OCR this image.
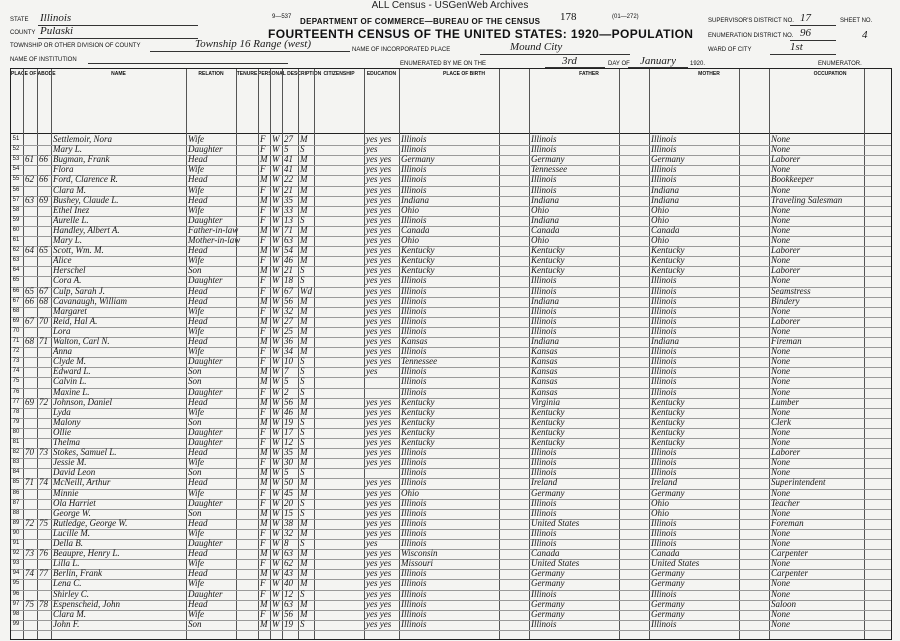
ALL Census - USGenWeb Archives
9—537	178	(01—272)
DEPARTMENT OF COMMERCE—BUREAU OF THE CENSUS
FOURTEENTH CENSUS OF THE UNITED STATES: 1920—POPULATION
STATE Illinois
COUNTY Pulaski
TOWNSHIP OR OTHER DIVISION OF COUNTY	Township 16 Range (west)
NAME OF INSTITUTION
NAME OF INCORPORATED PLACE	Mound City
ENUMERATED BY ME ON THE	3rd	DAY OF January 1920.
SUPERVISOR'S DISTRICT NO. 17	SHEET NO.
4
ENUMERATION DISTRICT NO. 96
WARD OF CITY	1st
ENUMERATOR.
PLACE OF ABODE	NAME	RELATION	TENURE PERSONAL DESCRIPTION CITIZENSHIP	EDUCATION	PLACE OF BIRTH	FATHER	MOTHER	OCCUPATION
51	Settlemoir, Nora	Wife	F W 27 M	yes yes	Illinois	Illinois	Illinois	None
52	Mary L.	Daughter	F W 5	S	yes	Illinois	Illinois	Illinois	None
53 61 66 Bugman, Frank	Head	M W 41 M	yes yes	Germany	Germany	Germany	Laborer
54	Flora	Wife	F W 41 M	yes yes	Illinois	Tennessee	Illinois	None
55 62 66 Ford, Clarence R.	Head	M W 22 M	yes yes	Illinois	Illinois	Illinois	Bookkeeper
56	Clara M.	Wife	F W 21 M	yes yes	Illinois	Illinois	Indiana	None
57 63 69 Bushey, Claude L.	Head	M W 35 M	yes yes	Indiana	Indiana	Indiana	Traveling Salesman
58	Ethel Inez	Wife	F W 33 M	yes yes	Ohio	Ohio	Ohio	None
59	Aurelle L.	Daughter	F W 13 S	yes yes	Illinois	Indiana	Ohio	None
60	Handley, Albert A.	Father-in-law M W 71 M	yes yes	Canada	Canada	Canada	None
61	Mary L.	Mother-in-law F W 63 M	yes yes	Ohio	Ohio	Ohio	None
62 64 65 Scott, Wm. M.	Head	M W 54 M	yes yes	Kentucky	Kentucky	Kentucky	Laborer
63	Alice	Wife	F W 46 M	yes yes	Kentucky	Kentucky	Kentucky	None
64	Herschel	Son	M W 21 S	yes yes	Kentucky	Kentucky	Kentucky	Laborer
65	Cora A.	Daughter	F W 18 S	yes yes	Illinois	Illinois	Illinois	None
66 65 67 Culp, Sarah J.	Head	F W 67 Wd	yes yes	Illinois	Illinois	Illinois	Seamstress
67 66 68 Cavanaugh, William	Head	M W 56 M	yes yes	Illinois	Indiana	Illinois	Bindery
68	Margaret	Wife	F W 32 M	yes yes	Illinois	Illinois	Illinois	None
69 67 70 Reid, Hal A.	Head	M W 27 M	yes yes	Illinois	Illinois	Illinois	Laborer
70	Lora	Wife	F W 25 M	yes yes	Illinois	Illinois	Illinois	None
71 68 71 Walton, Carl N.	Head	M W 36 M	yes yes	Kansas	Indiana	Indiana	Fireman
72	Anna	Wife	F W 34 M	yes yes	Illinois	Kansas	Illinois	None
73	Clyde M.	Daughter	F W 10 S	yes yes	Tennessee	Kansas	Illinois	None
74	Edward L.	Son	M W 7	S	yes	Illinois	Kansas	Illinois	None
75	Calvin L.	Son	M W 5	S	Illinois	Kansas	Illinois	None
76	Maxine L.	Daughter	F W 2	S	Illinois	Kansas	Illinois	None
77 69 72 Johnson, Daniel	Head	M W 56 M	yes yes	Kentucky	Virginia	Kentucky	Lumber
78	Lyda	Wife	F W 46 M	yes yes	Kentucky	Kentucky	Kentucky	None
79	Malony	Son	M W 19 S	yes yes	Kentucky	Kentucky	Kentucky	Clerk
80	Ollie	Daughter	F W 17 S	yes yes	Kentucky	Kentucky	Kentucky	None
81	Thelma	Daughter	F W 12 S	yes yes	Kentucky	Kentucky	Kentucky	None
82 70 73 Stokes, Samuel L.	Head	M W 35 M	yes yes	Illinois	Illinois	Illinois	Laborer
83	Jessie M.	Wife	F W 30 M	yes yes	Illinois	Illinois	Illinois	None
84	David Leon	Son	M W 5	S	Illinois	Illinois	Illinois	None
85 71 74 McNeill, Arthur	Head	M W 50 M	yes yes	Illinois	Ireland	Ireland	Superintendent
86	Minnie	Wife	F W 45 M	yes yes	Ohio	Germany	Germany	None
87	Ola Harriet	Daughter	F W 20 S	yes yes	Illinois	Illinois	Ohio	Teacher
88	George W.	Son	M W 15 S	yes yes	Illinois	Illinois	Ohio	None
89 72 75 Rutledge, George W.	Head	M W 38 M	yes yes	Illinois	United States	Illinois	Foreman
90	Lucille M.	Wife	F W 32 M	yes yes	Illinois	Illinois	Illinois	None
91	Della B.	Daughter	F W 8	S	yes	Illinois	Illinois	Illinois	None
92 73 76 Beaupre, Henry L.	Head	M W 63 M	yes yes	Wisconsin	Canada	Canada	Carpenter
93	Lilla L.	Wife	F W 62 M	yes yes	Missouri	United States	United States	None
94 74 77 Berlin, Frank	Head	M W 43 M	yes yes	Illinois	Germany	Germany	Carpenter
95	Lena C.	Wife	F W 40 M	yes yes	Illinois	Germany	Germany	None
96	Shirley C.	Daughter	F W 12 S	yes yes	Illinois	Illinois	Illinois	None
97 75 78 Espenscheid, John	Head	M W 63 M	yes yes	Illinois	Germany	Germany	Saloon
98	Clara M.	Wife	F W 56 M	yes yes	Illinois	Germany	Germany	None
99	John F.	Son	M W 19 S	yes yes	Illinois	Illinois	Illinois	None
